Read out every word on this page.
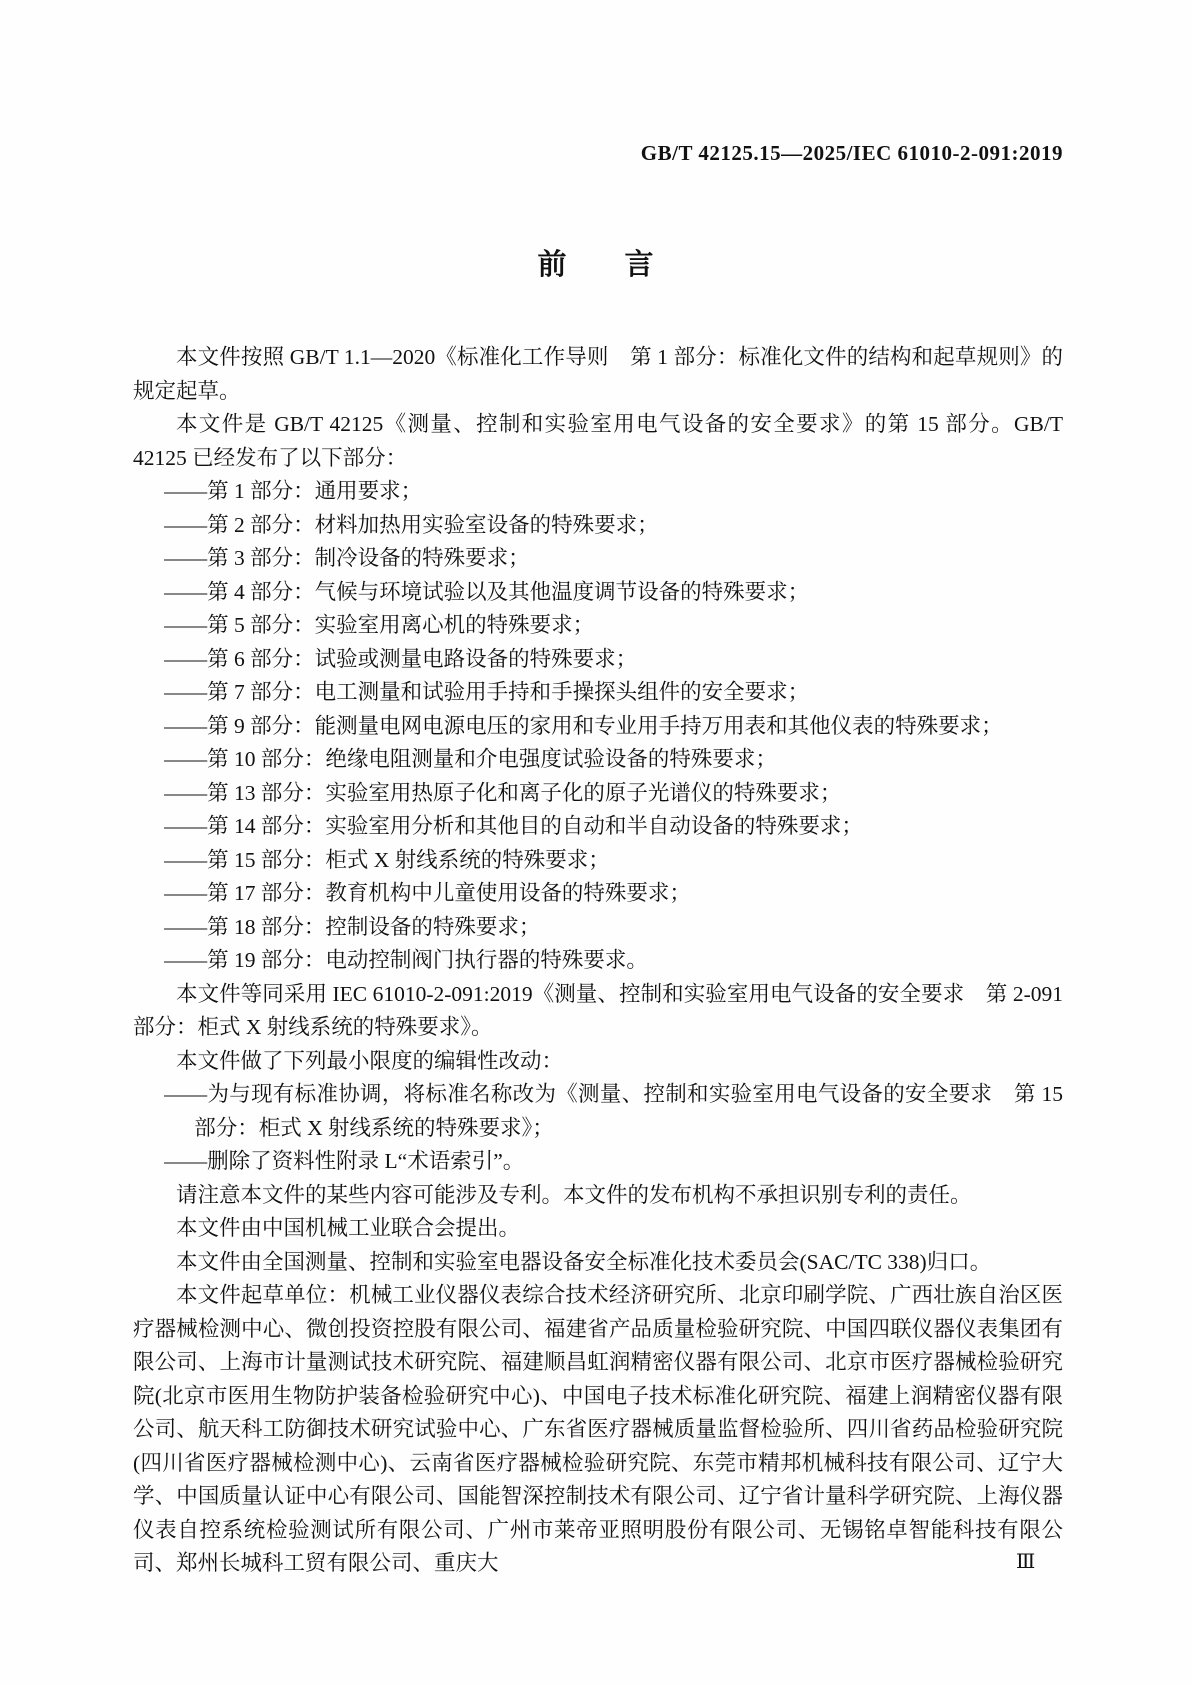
GB/T 42125.15—2025/IEC 61010-2-091:2019
前　　言
本文件按照 GB/T 1.1—2020《标准化工作导则　第 1 部分：标准化文件的结构和起草规则》的规定起草。
本文件是 GB/T 42125《测量、控制和实验室用电气设备的安全要求》的第 15 部分。GB/T 42125 已经发布了以下部分：
——第 1 部分：通用要求；
——第 2 部分：材料加热用实验室设备的特殊要求；
——第 3 部分：制冷设备的特殊要求；
——第 4 部分：气候与环境试验以及其他温度调节设备的特殊要求；
——第 5 部分：实验室用离心机的特殊要求；
——第 6 部分：试验或测量电路设备的特殊要求；
——第 7 部分：电工测量和试验用手持和手操探头组件的安全要求；
——第 9 部分：能测量电网电源电压的家用和专业用手持万用表和其他仪表的特殊要求；
——第 10 部分：绝缘电阻测量和介电强度试验设备的特殊要求；
——第 13 部分：实验室用热原子化和离子化的原子光谱仪的特殊要求；
——第 14 部分：实验室用分析和其他目的自动和半自动设备的特殊要求；
——第 15 部分：柜式 X 射线系统的特殊要求；
——第 17 部分：教育机构中儿童使用设备的特殊要求；
——第 18 部分：控制设备的特殊要求；
——第 19 部分：电动控制阀门执行器的特殊要求。
本文件等同采用 IEC 61010-2-091:2019《测量、控制和实验室用电气设备的安全要求　第 2-091 部分：柜式 X 射线系统的特殊要求》。
本文件做了下列最小限度的编辑性改动：
——为与现有标准协调，将标准名称改为《测量、控制和实验室用电气设备的安全要求　第 15 部分：柜式 X 射线系统的特殊要求》；
——删除了资料性附录 L“术语索引”。
请注意本文件的某些内容可能涉及专利。本文件的发布机构不承担识别专利的责任。
本文件由中国机械工业联合会提出。
本文件由全国测量、控制和实验室电器设备安全标准化技术委员会(SAC/TC 338)归口。
本文件起草单位：机械工业仪器仪表综合技术经济研究所、北京印刷学院、广西壮族自治区医疗器械检测中心、微创投资控股有限公司、福建省产品质量检验研究院、中国四联仪器仪表集团有限公司、上海市计量测试技术研究院、福建顺昌虹润精密仪器有限公司、北京市医疗器械检验研究院(北京市医用生物防护装备检验研究中心)、中国电子技术标准化研究院、福建上润精密仪器有限公司、航天科工防御技术研究试验中心、广东省医疗器械质量监督检验所、四川省药品检验研究院(四川省医疗器械检测中心)、云南省医疗器械检验研究院、东莞市精邦机械科技有限公司、辽宁大学、中国质量认证中心有限公司、国能智深控制技术有限公司、辽宁省计量科学研究院、上海仪器仪表自控系统检验测试所有限公司、广州市莱帝亚照明股份有限公司、无锡铭卓智能科技有限公司、郑州长城科工贸有限公司、重庆大	Ⅲ
